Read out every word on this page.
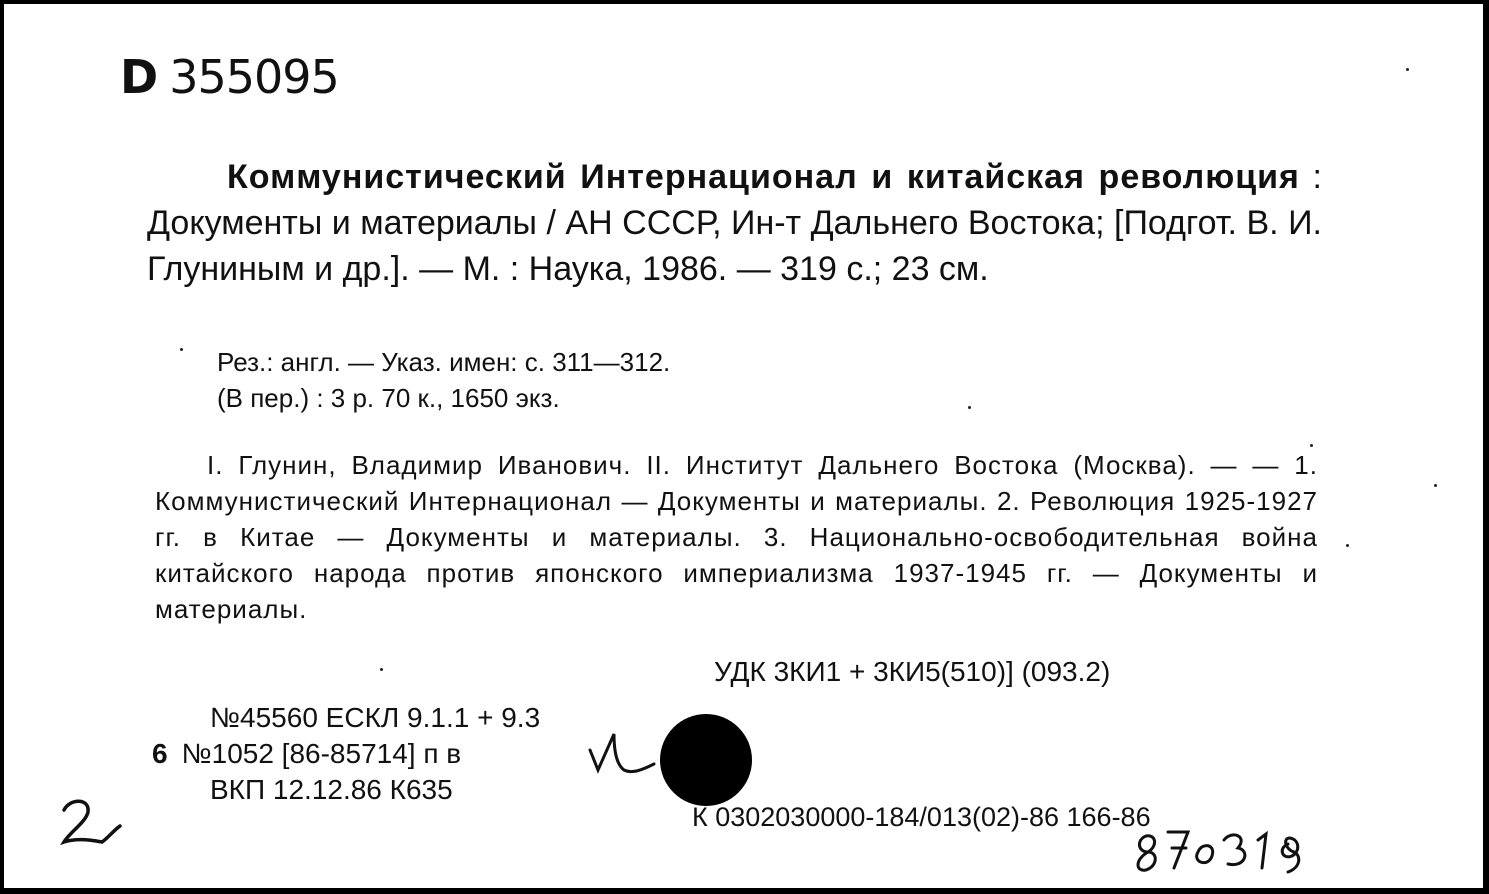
D 355095
Коммунистический Интернационал и китайская революция : Документы и материалы / АН СССР, Ин-т Дальнего Востока; [Подгот. В. И. Глуниным и др.]. — М. : Наука, 1986. — 319 с.; 23 см.
Рез.: англ. — Указ. имен: с. 311—312.
(В пер.) : 3 р. 70 к., 1650 экз.
I. Глунин, Владимир Иванович. II. Институт Дальнего Востока (Москва). — — 1. Коммунистический Интернационал — Документы и материалы. 2. Революция 1925-1927 гг. в Китае — Документы и материалы. 3. Национально-освободительная война китайского народа против японского империализма 1937-1945 гг. — Документы и материалы.
УДК 3КИ1 + 3КИ5(510)] (093.2)
№45560 ЕСКЛ 9.1.1 + 9.3
6 №1052 [86-85714] п в
ВКП 12.12.86 К635
К 0302030000-184/013(02)-86 166-86
